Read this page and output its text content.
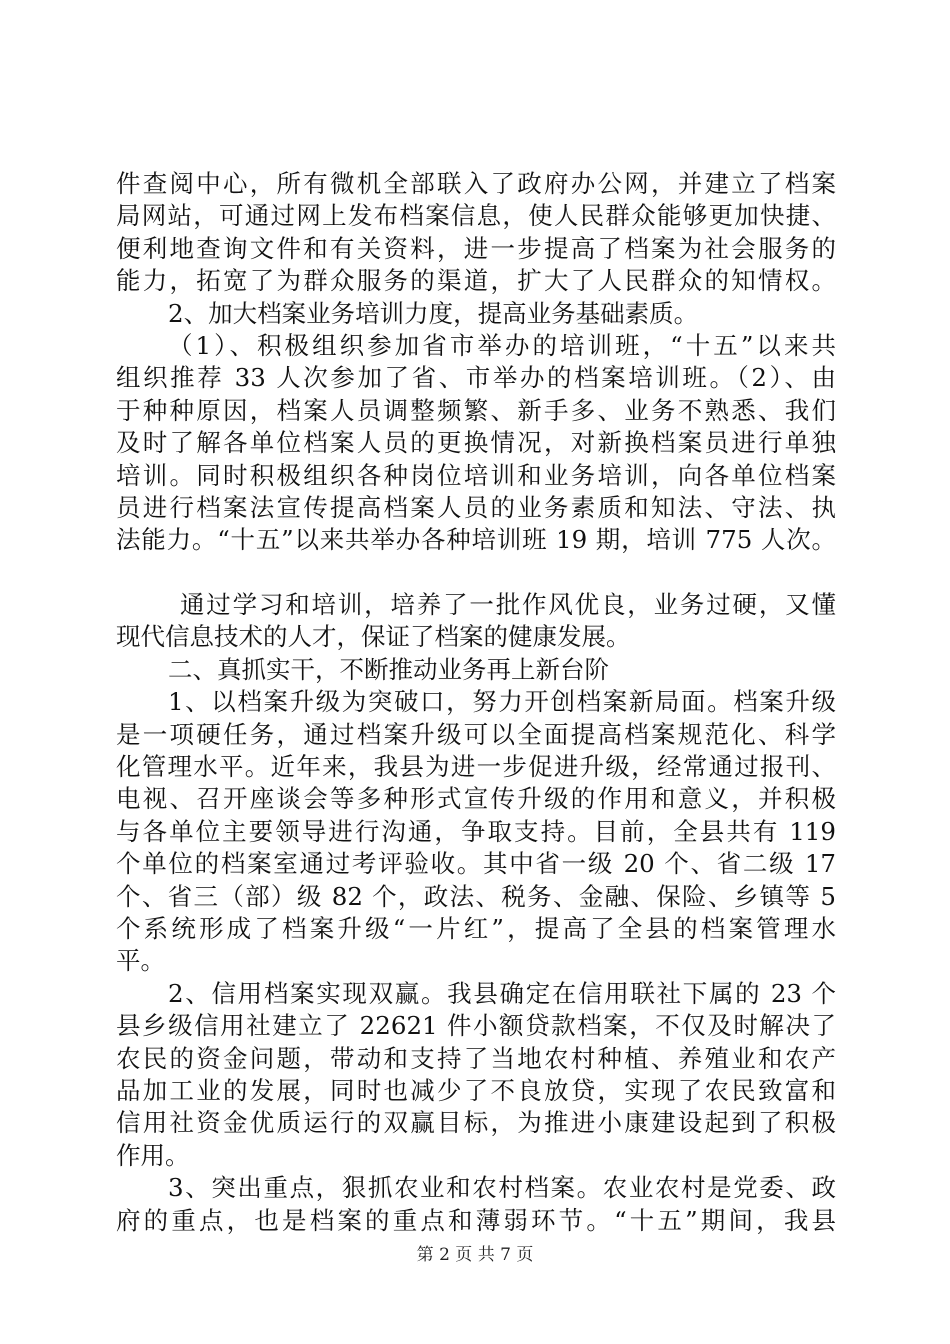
件查阅中心，所有微机全部联入了政府办公网，并建立了档案
局网站，可通过网上发布档案信息，使人民群众能够更加快捷、
便利地查询文件和有关资料，进一步提高了档案为社会服务的
能力，拓宽了为群众服务的渠道，扩大了人民群众的知情权。
2、加大档案业务培训力度，提高业务基础素质。
（1）、积极组织参加省市举办的培训班，“十五”以来共
组织推荐 33 人次参加了省、市举办的档案培训班。（2）、由
于种种原因，档案人员调整频繁、新手多、业务不熟悉、我们
及时了解各单位档案人员的更换情况，对新换档案员进行单独
培训。同时积极组织各种岗位培训和业务培训，向各单位档案
员进行档案法宣传提高档案人员的业务素质和知法、守法、执
法能力。“十五”以来共举办各种培训班 19 期，培训 775 人次。
通过学习和培训，培养了一批作风优良，业务过硬，又懂
现代信息技术的人才，保证了档案的健康发展。
二、真抓实干，不断推动业务再上新台阶
1、以档案升级为突破口，努力开创档案新局面。档案升级
是一项硬任务，通过档案升级可以全面提高档案规范化、科学
化管理水平。近年来，我县为进一步促进升级，经常通过报刊、
电视、召开座谈会等多种形式宣传升级的作用和意义，并积极
与各单位主要领导进行沟通，争取支持。目前，全县共有 119
个单位的档案室通过考评验收。其中省一级 20 个、省二级 17
个、省三（部）级 82 个，政法、税务、金融、保险、乡镇等 5
个系统形成了档案升级“一片红”，提高了全县的档案管理水
平。
2、信用档案实现双赢。我县确定在信用联社下属的 23 个
县乡级信用社建立了 22621 件小额贷款档案，不仅及时解决了
农民的资金问题，带动和支持了当地农村种植、养殖业和农产
品加工业的发展，同时也减少了不良放贷，实现了农民致富和
信用社资金优质运行的双赢目标，为推进小康建设起到了积极
作用。
3、突出重点，狠抓农业和农村档案。农业农村是党委、政
府的重点，也是档案的重点和薄弱环节。“十五”期间，我县
第 2 页 共 7 页
